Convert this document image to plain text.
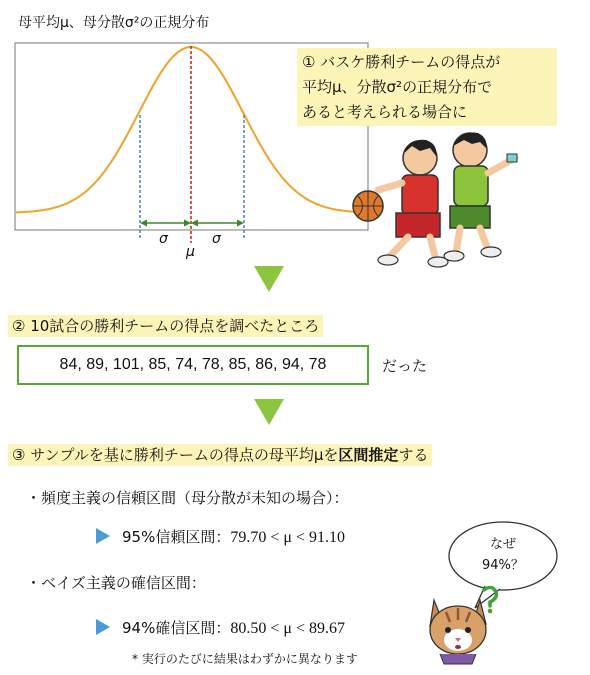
母平均μ、母分散σ²の正規分布
σ	σ
μ
① バスケ勝利チームの得点が
平均μ、分散σ²の正規分布で
あると考えられる場合に
② 10試合の勝利チームの得点を調べたところ
84, 89, 101, 85, 74, 78, 85, 86, 94, 78	だった
③ サンプルを基に勝利チームの得点の母平均μを区間推定する
・頻度主義の信頼区間（母分散が未知の場合）：
95%信頼区間：79.70 < μ < 91.10
・ベイズ主義の確信区間：
94%確信区間：80.50 < μ < 89.67
* 実行のたびに結果はわずかに異なります
なぜ
94%？
